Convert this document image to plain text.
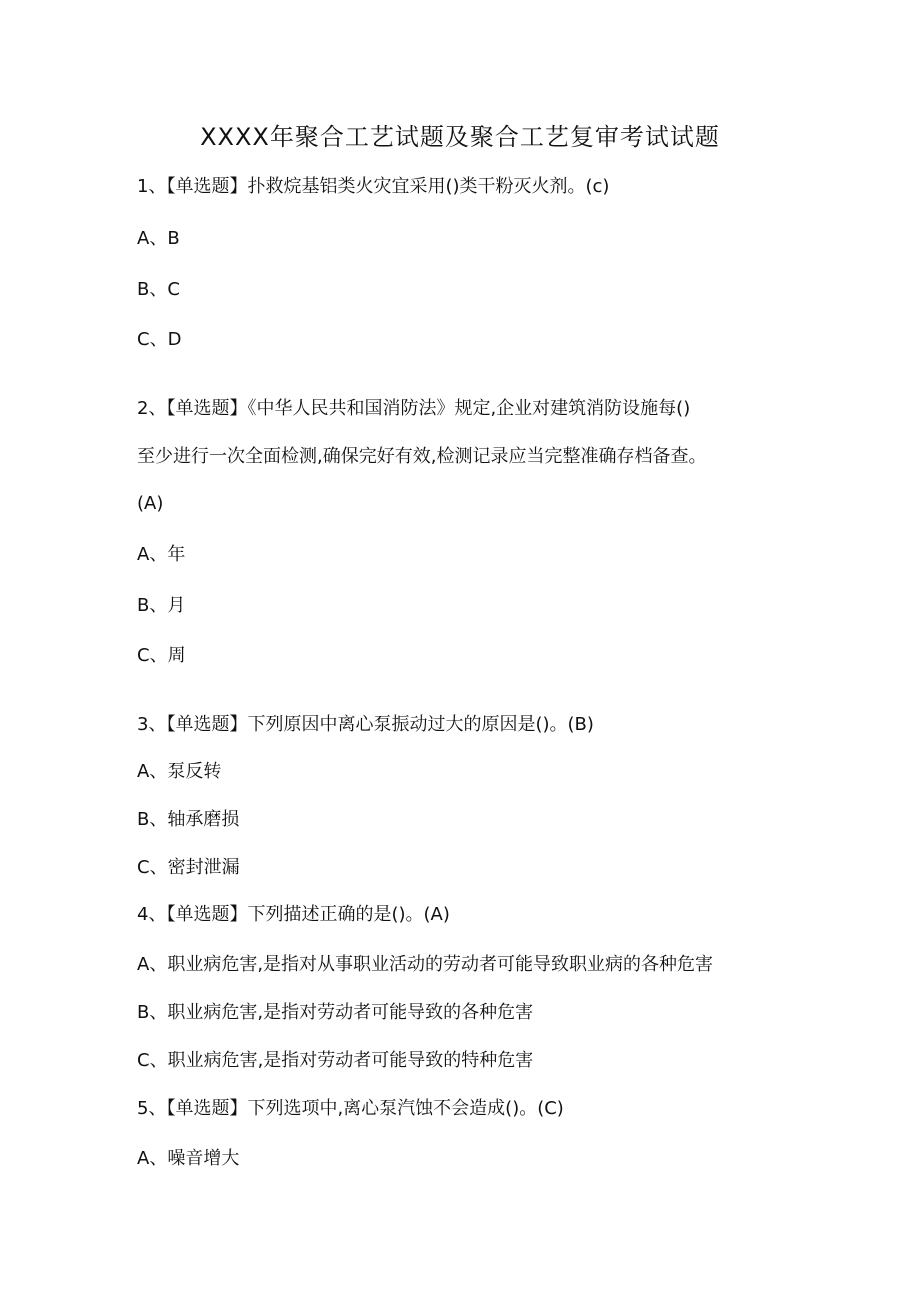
XXXX年聚合工艺试题及聚合工艺复审考试试题
1、【单选题】扑救烷基铝类火灾宜采用()类干粉灭火剂。(c)
A、B
B、C
C、D
2、【单选题】《中华人民共和国消防法》规定,企业对建筑消防设施每()
至少进行一次全面检测,确保完好有效,检测记录应当完整准确存档备查。
(A)
A、年
B、月
C、周
3、【单选题】下列原因中离心泵振动过大的原因是()。(B)
A、泵反转
B、轴承磨损
C、密封泄漏
4、【单选题】下列描述正确的是()。(A)
A、职业病危害,是指对从事职业活动的劳动者可能导致职业病的各种危害
B、职业病危害,是指对劳动者可能导致的各种危害
C、职业病危害,是指对劳动者可能导致的特种危害
5、【单选题】下列选项中,离心泵汽蚀不会造成()。(C)
A、噪音增大
